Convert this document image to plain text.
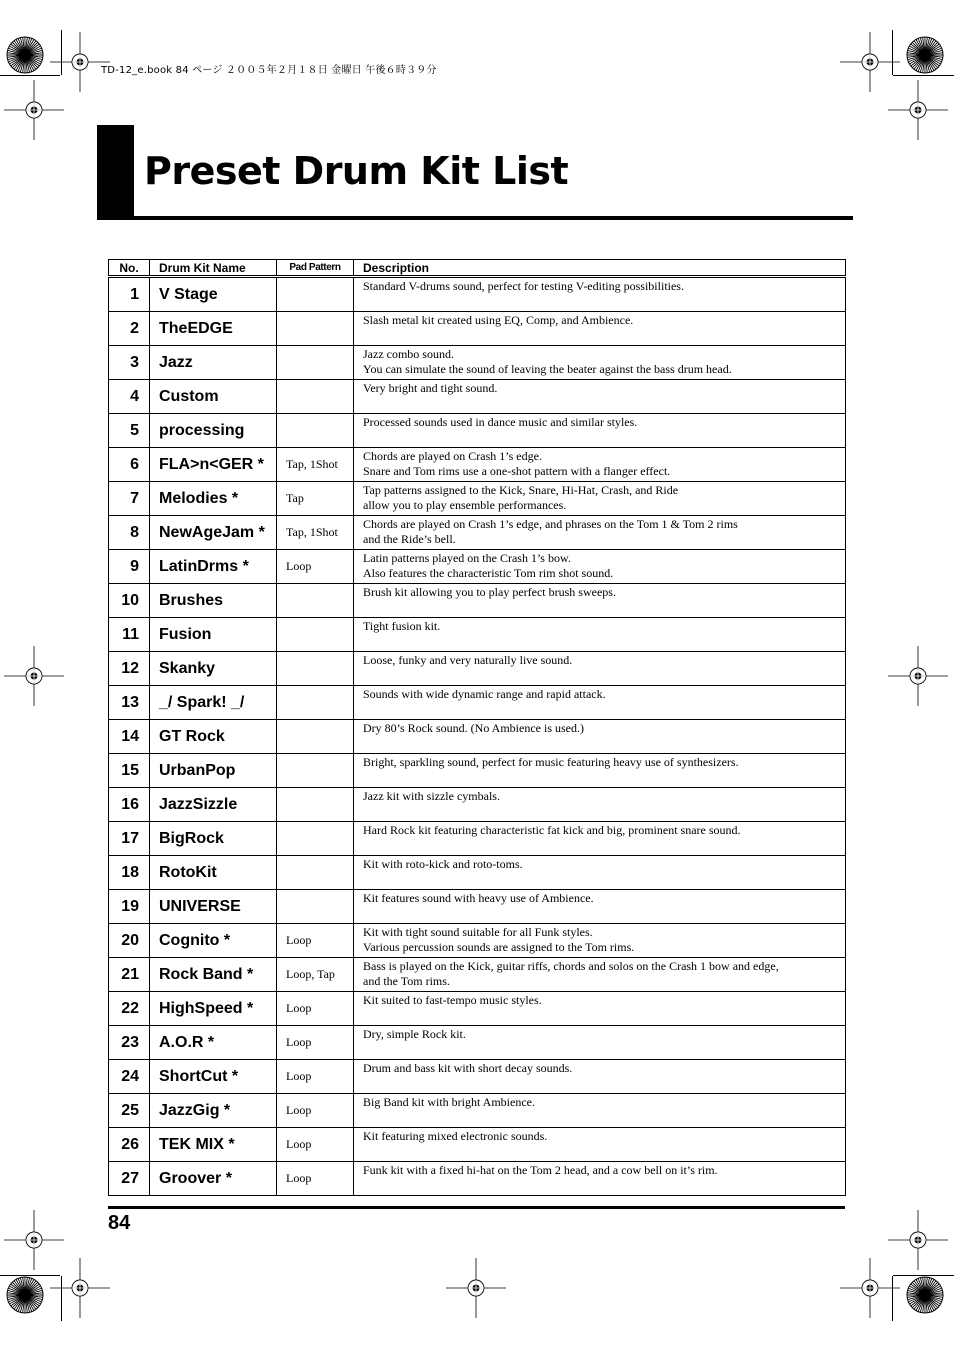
TD-12_e.book 84 ページ ２００５年２月１８日 金曜日 午後６時３９分
Preset Drum Kit List
No.	Drum Kit Name	Pad Pattern	Description
1	V Stage		Standard V-drums sound, perfect for testing V-editing possibilities.

2	TheEDGE		Slash metal kit created using EQ, Comp, and Ambience.

3	Jazz		Jazz combo sound.
You can simulate the sound of leaving the beater against the bass drum head.

4	Custom		Very bright and tight sound.

5	processing		Processed sounds used in dance music and similar styles.

6	FLA>n<GER *	Tap, 1Shot	Chords are played on Crash 1’s edge.
Snare and Tom rims use a one-shot pattern with a flanger effect.

7	Melodies *	Tap	Tap patterns assigned to the Kick, Snare, Hi-Hat, Crash, and Ride
allow you to play ensemble performances.

8	NewAgeJam *	Tap, 1Shot	Chords are played on Crash 1’s edge, and phrases on the Tom 1 & Tom 2 rims
and the Ride’s bell.

9	LatinDrms *	Loop	Latin patterns played on the Crash 1’s bow.
Also features the characteristic Tom rim shot sound.

10	Brushes		Brush kit allowing you to play perfect brush sweeps.

11	Fusion		Tight fusion kit.

12	Skanky		Loose, funky and very naturally live sound.

13	_/ Spark! _/		Sounds with wide dynamic range and rapid attack.

14	GT Rock		Dry 80’s Rock sound. (No Ambience is used.)

15	UrbanPop		Bright, sparkling sound, perfect for music featuring heavy use of synthesizers.

16	JazzSizzle		Jazz kit with sizzle cymbals.

17	BigRock		Hard Rock kit featuring characteristic fat kick and big, prominent snare sound.

18	RotoKit		Kit with roto-kick and roto-toms.

19	UNIVERSE		Kit features sound with heavy use of Ambience.

20	Cognito *	Loop	Kit with tight sound suitable for all Funk styles.
Various percussion sounds are assigned to the Tom rims.

21	Rock Band *	Loop, Tap	Bass is played on the Kick, guitar riffs, chords and solos on the Crash 1 bow and edge,
and the Tom rims.

22	HighSpeed *	Loop	Kit suited to fast-tempo music styles.

23	A.O.R *	Loop	Dry, simple Rock kit.

24	ShortCut *	Loop	Drum and bass kit with short decay sounds.

25	JazzGig *	Loop	Big Band kit with bright Ambience.

26	TEK MIX *	Loop	Kit featuring mixed electronic sounds.

27	Groover *	Loop	Funk kit with a fixed hi-hat on the Tom 2 head, and a cow bell on it’s rim.
84
